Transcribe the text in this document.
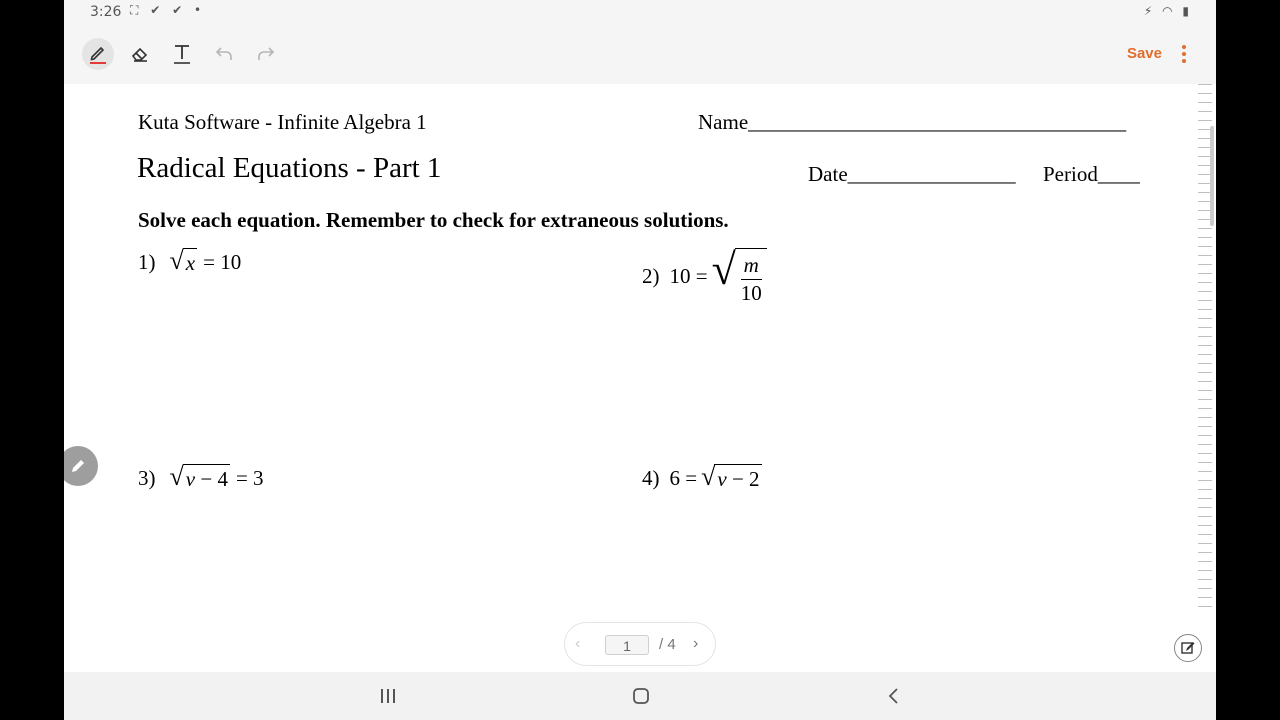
3:26 ⛶ ✔ ✔ •	⚡ ◠ ▮
Save
Kuta Software - Infinite Algebra 1	Name____________________________________
Radical Equations - Part 1	Date________________ Period____
Solve each equation. Remember to check for extraneous solutions.
1) √ x = 10
2) 10 = √ $\frac{m}{10}$
3) √ v − 4 = 3	4) 6 = √ v − 2
‹	1	/ 4 ›
